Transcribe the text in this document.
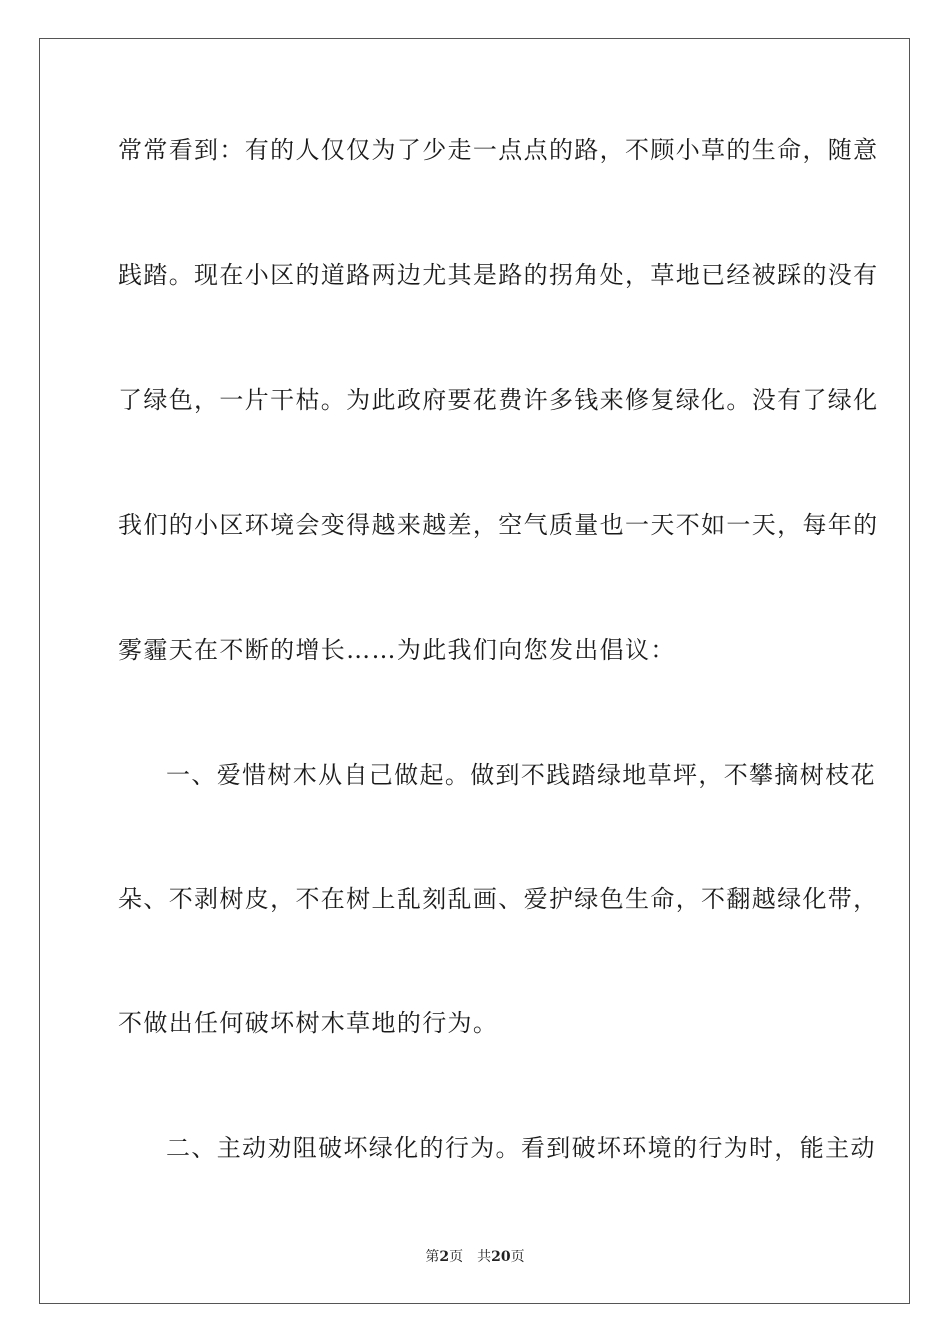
常常看到：有的人仅仅为了少走一点点的路，不顾小草的生命，随意
践踏。现在小区的道路两边尤其是路的拐角处，草地已经被踩的没有
了绿色，一片干枯。为此政府要花费许多钱来修复绿化。没有了绿化
我们的小区环境会变得越来越差，空气质量也一天不如一天，每年的
雾霾天在不断的增长……为此我们向您发出倡议：
一、爱惜树木从自己做起。做到不践踏绿地草坪，不攀摘树枝花
朵、不剥树皮，不在树上乱刻乱画、爱护绿色生命，不翻越绿化带，
不做出任何破坏树木草地的行为。
二、主动劝阻破坏绿化的行为。看到破坏环境的行为时，能主动
第2页 共20页
